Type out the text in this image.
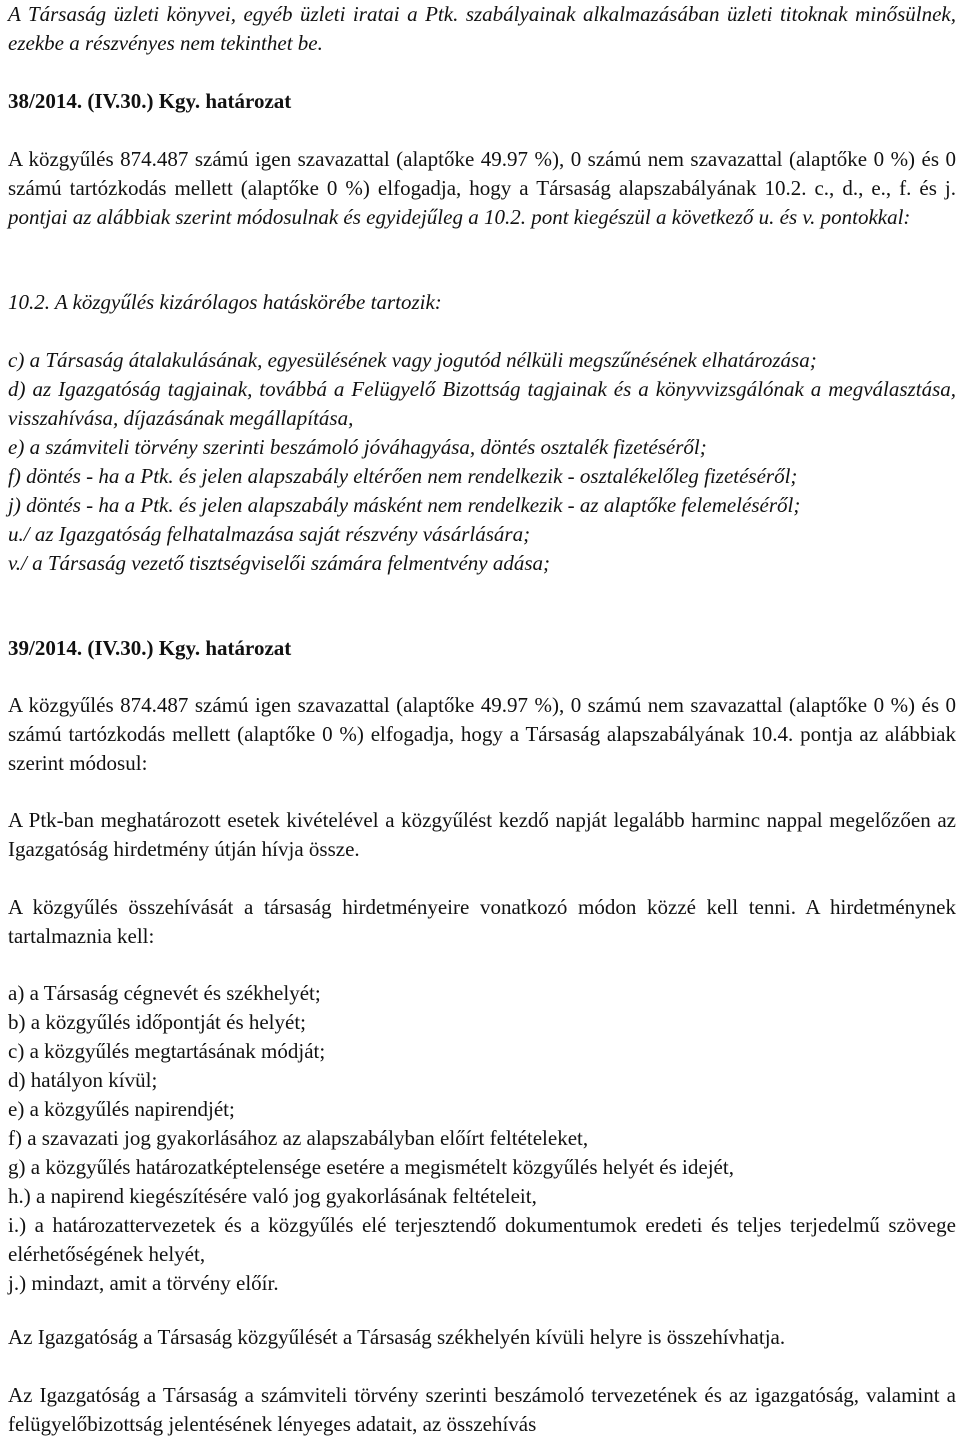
A Társaság üzleti könyvei, egyéb üzleti iratai a Ptk. szabályainak alkalmazásában üzleti titoknak minősülnek, ezekbe a részvényes nem tekinthet be.

38/2014. (IV.30.) Kgy. határozat

A közgyűlés 874.487 számú igen szavazattal (alaptőke 49.97 %), 0 számú nem szavazattal (alaptőke 0 %) és 0 számú tartózkodás mellett (alaptőke 0 %) elfogadja, hogy a Társaság alapszabályának 10.2. c., d., e., f. és j. pontjai az alábbiak szerint módosulnak és egyidejűleg a 10.2. pont kiegészül a következő u. és v. pontokkal:

10.2. A közgyűlés kizárólagos hatáskörébe tartozik:
c) a Társaság átalakulásának, egyesülésének vagy jogutód nélküli megszűnésének elhatározása;
d) az Igazgatóság tagjainak, továbbá a Felügyelő Bizottság tagjainak és a könyvvizsgálónak a megválasztása, visszahívása, díjazásának megállapítása,
e) a számviteli törvény szerinti beszámoló jóváhagyása, döntés osztalék fizetéséről;
f) döntés - ha a Ptk. és jelen alapszabály eltérően nem rendelkezik - osztalékelőleg fizetéséről;
j) döntés - ha a Ptk. és jelen alapszabály másként nem rendelkezik - az alaptőke felemeléséről;
u./ az Igazgatóság felhatalmazása saját részvény vásárlására;
v./ a Társaság vezető tisztségviselői számára felmentvény adása;
39/2014. (IV.30.) Kgy. határozat

A közgyűlés 874.487 számú igen szavazattal (alaptőke 49.97 %), 0 számú nem szavazattal (alaptőke 0 %) és 0 számú tartózkodás mellett (alaptőke 0 %) elfogadja, hogy a Társaság alapszabályának 10.4. pontja az alábbiak szerint módosul:

A Ptk-ban meghatározott esetek kivételével a közgyűlést kezdő napját legalább harminc nappal megelőzően az Igazgatóság hirdetmény útján hívja össze.

A közgyűlés összehívását a társaság hirdetményeire vonatkozó módon közzé kell tenni. A hirdetménynek tartalmaznia kell:

a) a Társaság cégnevét és székhelyét;
b) a közgyűlés időpontját és helyét;
c) a közgyűlés megtartásának módját;
d) hatályon kívül;
e) a közgyűlés napirendjét;
f) a szavazati jog gyakorlásához az alapszabályban előírt feltételeket,
g) a közgyűlés határozatképtelensége esetére a megismételt közgyűlés helyét és idejét,
h.) a napirend kiegészítésére való jog gyakorlásának feltételeit,
i.) a határozattervezetek és a közgyűlés elé terjesztendő dokumentumok eredeti és teljes terjedelmű szövege elérhetőségének helyét,
j.) mindazt, amit a törvény előír.

Az Igazgatóság a Társaság közgyűlését a Társaság székhelyén kívüli helyre is összehívhatja.

Az Igazgatóság a Társaság a számviteli törvény szerinti beszámoló tervezetének és az igazgatóság, valamint a felügyelőbizottság jelentésének lényeges adatait, az összehívás
